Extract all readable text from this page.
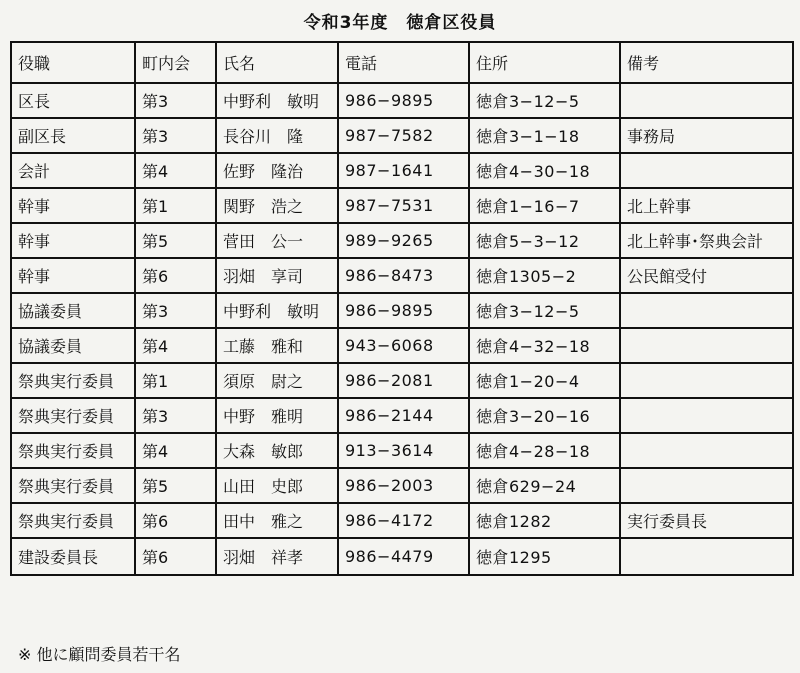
令和3年度　徳倉区役員
役職	町内会	氏名	電話	住所	備考
区長	第3	中野利　敏明	986−9895	徳倉3−12−5	
副区長	第3	長谷川　隆	987−7582	徳倉3−1−18	事務局
会計	第4	佐野　隆治	987−1641	徳倉4−30−18	
幹事	第1	関野　浩之	987−7531	徳倉1−16−7	北上幹事
幹事	第5	菅田　公一	989−9265	徳倉5−3−12	北上幹事･祭典会計
幹事	第6	羽畑　享司	986−8473	徳倉1305−2	公民館受付
協議委員	第3	中野利　敏明	986−9895	徳倉3−12−5	
協議委員	第4	工藤　雅和	943−6068	徳倉4−32−18	
祭典実行委員	第1	須原　尉之	986−2081	徳倉1−20−4	
祭典実行委員	第3	中野　雅明	986−2144	徳倉3−20−16	
祭典実行委員	第4	大森　敏郎	913−3614	徳倉4−28−18	
祭典実行委員	第5	山田　史郎	986−2003	徳倉629−24	
祭典実行委員	第6	田中　雅之	986−4172	徳倉1282	実行委員長
建設委員長	第6	羽畑　祥孝	986−4479	徳倉1295	
※ 他に顧問委員若干名
